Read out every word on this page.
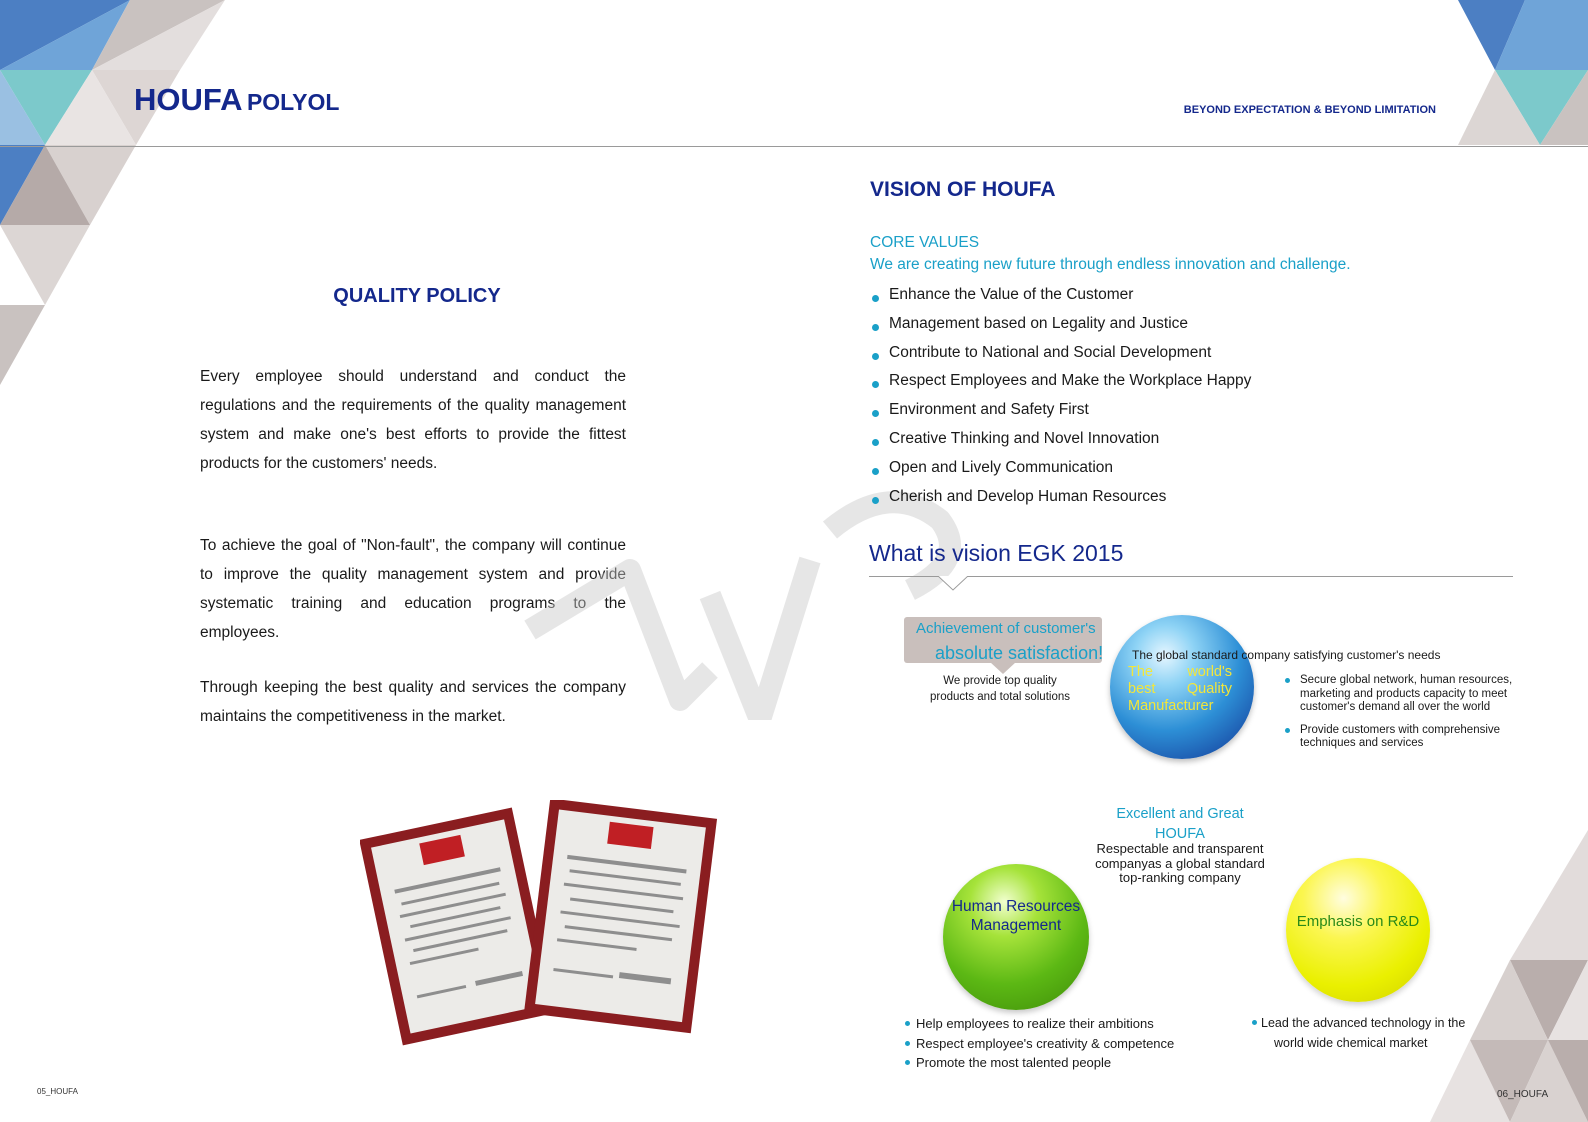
HOUFA POLYOL	BEYOND EXPECTATION & BEYOND LIMITATION
QUALITY POLICY
Every employee should understand and conduct the regulations and the requirements of the quality management system and make one's best efforts to provide the fittest products for the customers' needs.
To achieve the goal of "Non-fault", the company will continue to improve the quality management system and provide systematic training and education programs to the employees.
Through keeping the best quality and services the company maintains the competitiveness in the market.
VISION OF HOUFA
CORE VALUES
We are creating new future through endless innovation and challenge.
Enhance the Value of the Customer
Management based on Legality and Justice
Contribute to National and Social Development
Respect Employees and Make the Workplace Happy
Environment and Safety First
Creative Thinking and Novel Innovation
Open and Lively Communication
Cherish and Develop Human Resources
What is vision EGK 2015
Achievement of customer's
absolute satisfaction!
We provide top quality products and total solutions
The world's
best Quality
Manufacturer
The global standard company satisfying customer's needs
Secure global network, human resources, marketing and products capacity to meet customer's demand all over the world
Provide customers with comprehensive techniques and services
Excellent and Great HOUFA
Respectable and transparent companyas a global standard top-ranking company
Human Resources Management	Emphasis on R&D
Help employees to realize their ambitions
Respect employee's creativity & competence
Promote the most talented people
Lead the advanced technology in the
world wide chemical market
05_HOUFA	06_HOUFA
